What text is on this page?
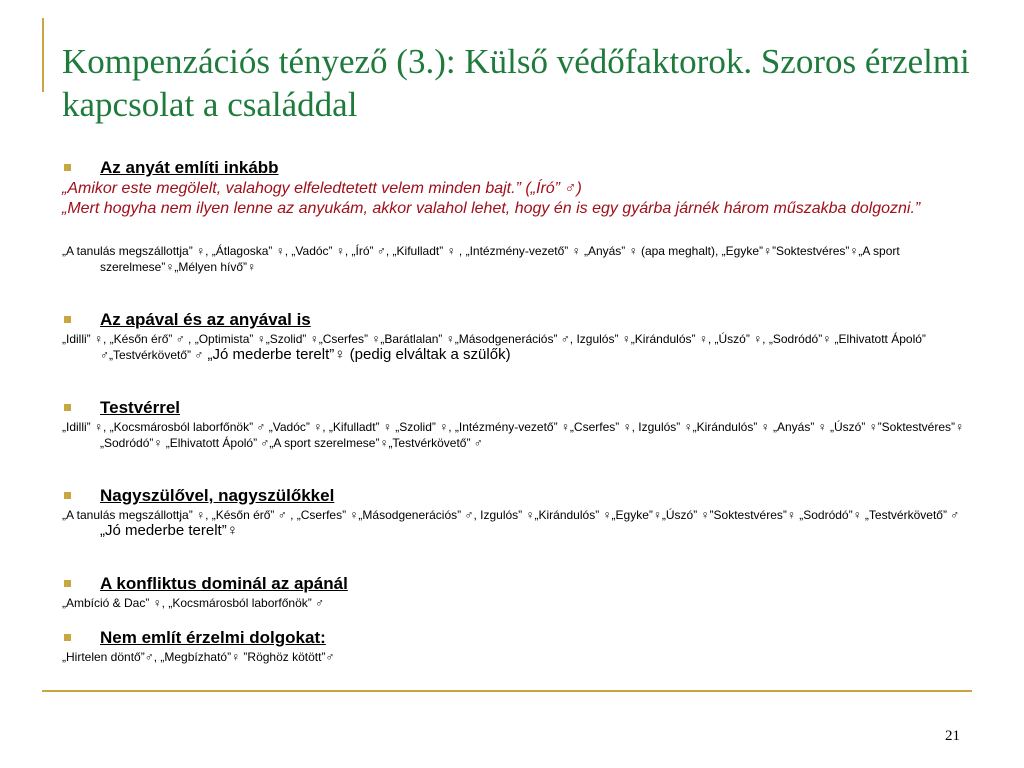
Kompenzációs tényező (3.): Külső védőfaktorok. Szoros érzelmi kapcsolat a családdal
Az anyát említi inkább

„Amikor este megölelt, valahogy elfeledtetett velem minden bajt.” („Író” ♂)

„Mert hogyha nem ilyen lenne az anyukám, akkor valahol lehet, hogy én is egy gyárba járnék három műszakba dolgozni.”

„A tanulás megszállottja” ♀, „Átlagoska” ♀, „Vadóc” ♀, „Író” ♂, „Kifulladt” ♀ , „Intézmény-vezető” ♀ „Anyás” ♀ (apa meghalt), „Egyke”♀”Soktestvéres”♀„A sport szerelmese”♀„Mélyen hívő”♀

Az apával és az anyával is

„Idilli” ♀, „Későn érő” ♂ , „Optimista” ♀„Szolid” ♀„Cserfes” ♀„Barátlalan” ♀„Másodgenerációs” ♂, Izgulós” ♀„Kirándulós” ♀, „Úszó” ♀, „Sodródó”♀ „Elhivatott Ápoló” ♂„Testvérkövető” ♂ „Jó mederbe terelt”♀ (pedig elváltak a szülők)

Testvérrel

„Idilli” ♀, „Kocsmárosból laborfőnök” ♂ „Vadóc” ♀, „Kifulladt” ♀ „Szolid” ♀, „Intézmény-vezető” ♀„Cserfes” ♀, Izgulós” ♀„Kirándulós” ♀ „Anyás” ♀ „Úszó” ♀”Soktestvéres”♀ „Sodródó”♀ „Elhivatott Ápoló” ♂„A sport szerelmese”♀„Testvérkövető” ♂

Nagyszülővel, nagyszülőkkel

„A tanulás megszállottja” ♀, „Későn érő” ♂ , „Cserfes” ♀„Másodgenerációs” ♂, Izgulós” ♀„Kirándulós” ♀„Egyke”♀„Úszó” ♀”Soktestvéres”♀ „Sodródó”♀ „Testvérkövető” ♂ „Jó mederbe terelt”♀

A konfliktus dominál az apánál

„Ambíció & Dac” ♀, „Kocsmárosból laborfőnök” ♂

Nem említ érzelmi dolgokat:

„Hirtelen döntő”♂, „Megbízható”♀ ”Röghöz kötött”♂

21
